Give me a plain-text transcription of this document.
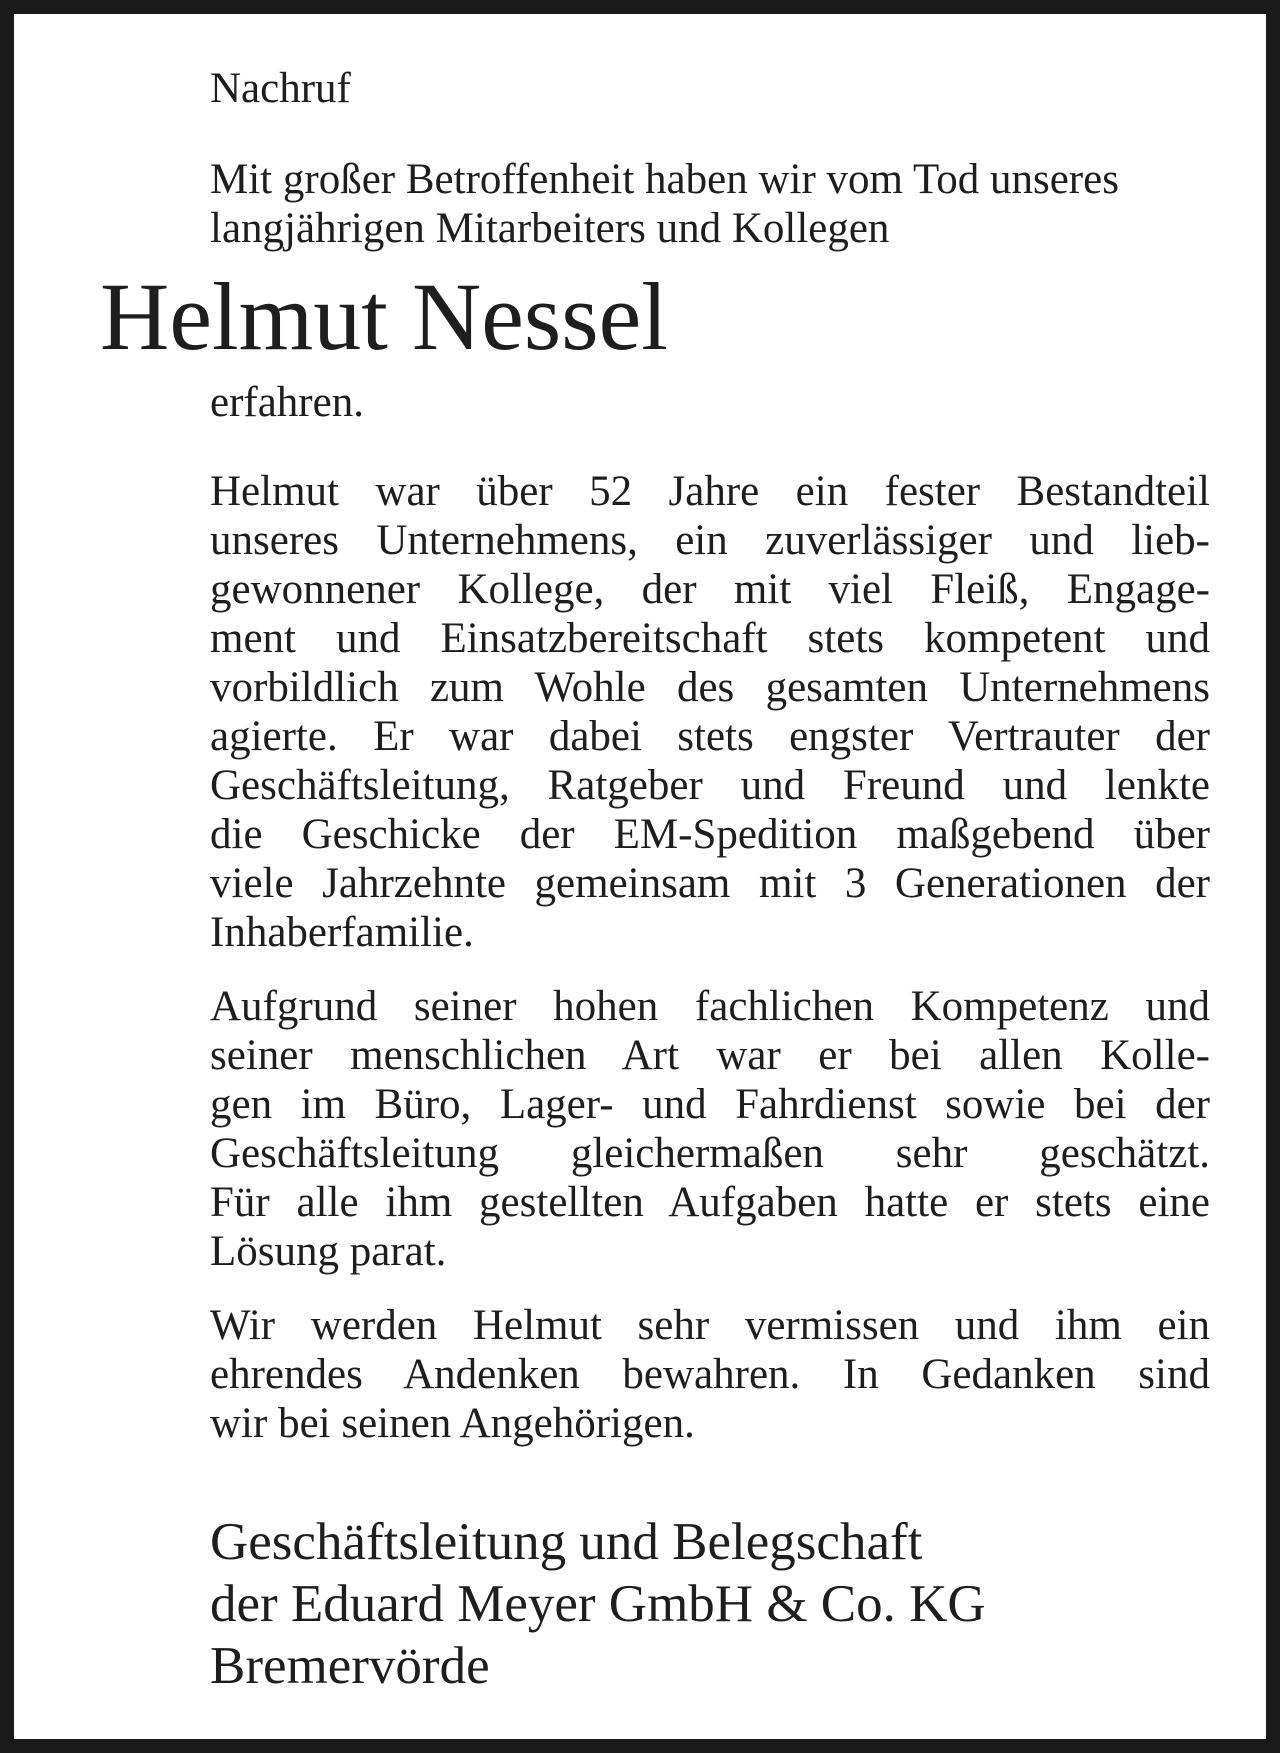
Nachruf
Mit großer Betroffenheit haben wir vom Tod unseres
langjährigen Mitarbeiters und Kollegen
Helmut Nessel
erfahren.
Helmut war über 52 Jahre ein fester Bestandteil
unseres Unternehmens, ein zuverlässiger und lieb-
gewonnener Kollege, der mit viel Fleiß, Engage-
ment und Einsatzbereitschaft stets kompetent und
vorbildlich zum Wohle des gesamten Unternehmens
agierte. Er war dabei stets engster Vertrauter der
Geschäftsleitung, Ratgeber und Freund und lenkte
die Geschicke der EM-Spedition maßgebend über
viele Jahrzehnte gemeinsam mit 3 Generationen der
Inhaberfamilie.
Aufgrund seiner hohen fachlichen Kompetenz und
seiner menschlichen Art war er bei allen Kolle-
gen im Büro, Lager- und Fahrdienst sowie bei der
Geschäftsleitung gleichermaßen sehr geschätzt.
Für alle ihm gestellten Aufgaben hatte er stets eine
Lösung parat.
Wir werden Helmut sehr vermissen und ihm ein
ehrendes Andenken bewahren. In Gedanken sind
wir bei seinen Angehörigen.
Geschäftsleitung und Belegschaft
der Eduard Meyer GmbH & Co. KG
Bremervörde
